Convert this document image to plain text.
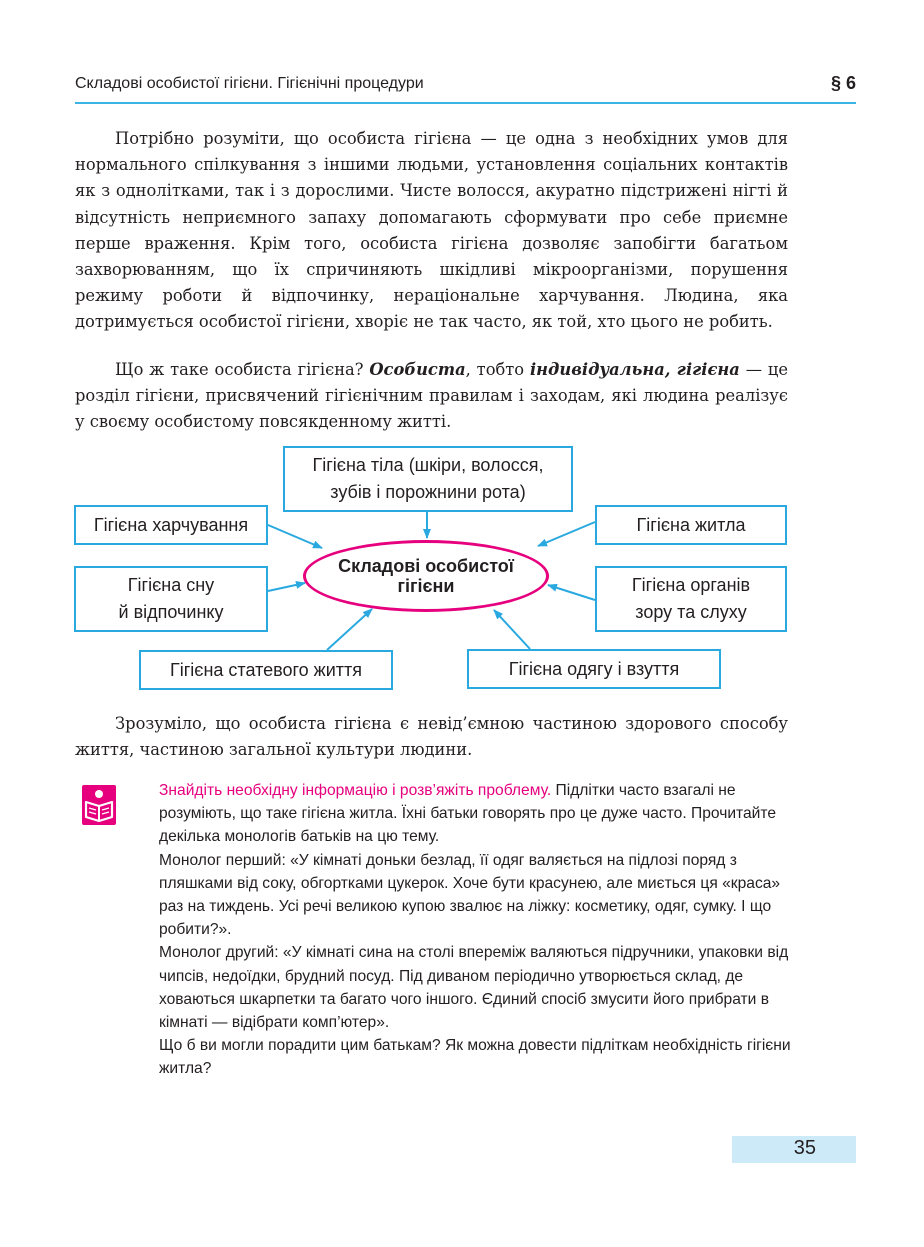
Складові особистої гігієни. Гігієнічні процедури	§ 6

Потрібно розуміти, що особиста гігієна — це одна з необхідних умов для нормального спілкування з іншими людьми, установлення соціальних контактів як з однолітками, так і з дорослими. Чисте волосся, акуратно підстрижені нігті й відсутність неприємного запаху допомагають сформувати про себе приємне перше враження. Крім того, особиста гігієна дозволяє запобігти багатьом захворюванням, що їх спричиняють шкідливі мікроорганізми, порушення режиму роботи й відпочинку, нераціональне харчування. Людина, яка дотримується особистої гігієни, хворіє не так часто, як той, хто цього не робить.

Що ж таке особиста гігієна? Особиста, тобто індивідуальна, гігієна — це розділ гігієни, присвячений гігієнічним правилам і заходам, які людина реалізує у своєму особистому повсякденному житті.

Гігієна тіла (шкіри, волосся,
зубів і порожнини рота)
Гігієна харчування	Гігієна житла
Складові особистої
гігієни
Гігієна сну
й відпочинку
Гігієна органів
зору та слуху
Гігієна статевого життя	Гігієна одягу і взуття

Зрозуміло, що особиста гігієна є невід’ємною частиною здорового способу життя, частиною загальної культури людини.

Знайдіть необхідну інформацію і розв’яжіть проблему. Підлітки часто взагалі не розуміють, що таке гігієна житла. Їхні батьки говорять про це дуже часто. Прочитайте декілька монологів батьків на цю тему.

Монолог перший: «У кімнаті доньки безлад, її одяг валяється на підлозі поряд з пляшками від соку, обгортками цукерок. Хоче бути красунею, але миється ця «краса» раз на тиждень. Усі речі великою купою звалює на ліжку: косметику, одяг, сумку. І що робити?».

Монолог другий: «У кімнаті сина на столі впереміж валяються підручники, упаковки від чипсів, недоїдки, брудний посуд. Під диваном періодично утворюється склад, де ховаються шкарпетки та багато чого іншого. Єдиний спосіб змусити його прибрати в кімнаті — відібрати комп’ютер».

Що б ви могли порадити цим батькам? Як можна довести підліткам необхідність гігієни житла?

35
